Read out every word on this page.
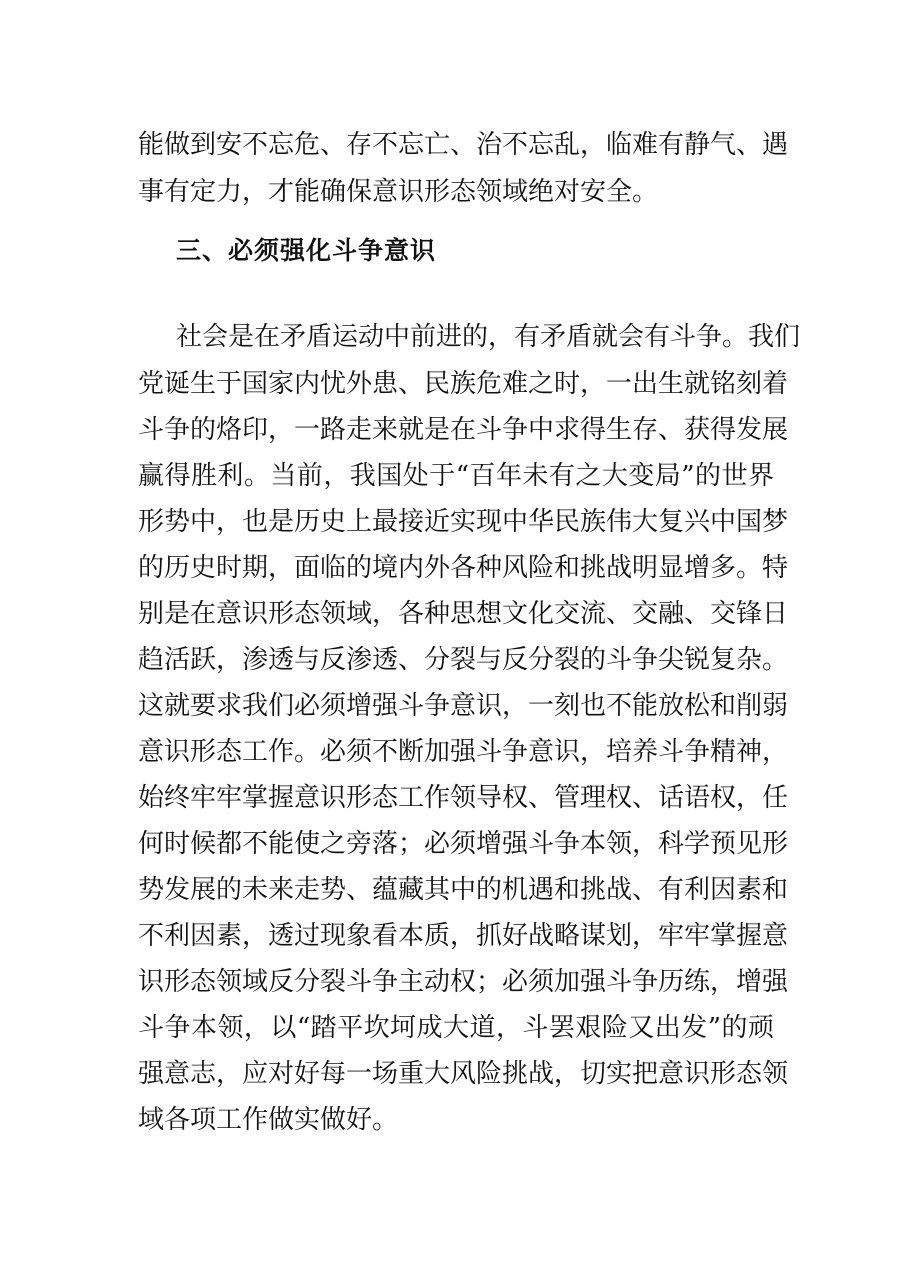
能做到安不忘危、存不忘亡、治不忘乱，临难有静气、遇
事有定力，才能确保意识形态领域绝对安全。
三、必须强化斗争意识
社会是在矛盾运动中前进的，有矛盾就会有斗争。我们
党诞生于国家内忧外患、民族危难之时，一出生就铭刻着
斗争的烙印，一路走来就是在斗争中求得生存、获得发展
赢得胜利。当前，我国处于“百年未有之大变局”的世界
形势中，也是历史上最接近实现中华民族伟大复兴中国梦
的历史时期，面临的境内外各种风险和挑战明显增多。特
别是在意识形态领域，各种思想文化交流、交融、交锋日
趋活跃，渗透与反渗透、分裂与反分裂的斗争尖锐复杂。
这就要求我们必须增强斗争意识，一刻也不能放松和削弱
意识形态工作。必须不断加强斗争意识，培养斗争精神，
始终牢牢掌握意识形态工作领导权、管理权、话语权，任
何时候都不能使之旁落；必须增强斗争本领，科学预见形
势发展的未来走势、蕴藏其中的机遇和挑战、有利因素和
不利因素，透过现象看本质，抓好战略谋划，牢牢掌握意
识形态领域反分裂斗争主动权；必须加强斗争历练，增强
斗争本领，以“踏平坎坷成大道，斗罢艰险又出发”的顽
强意志，应对好每一场重大风险挑战，切实把意识形态领
域各项工作做实做好。
